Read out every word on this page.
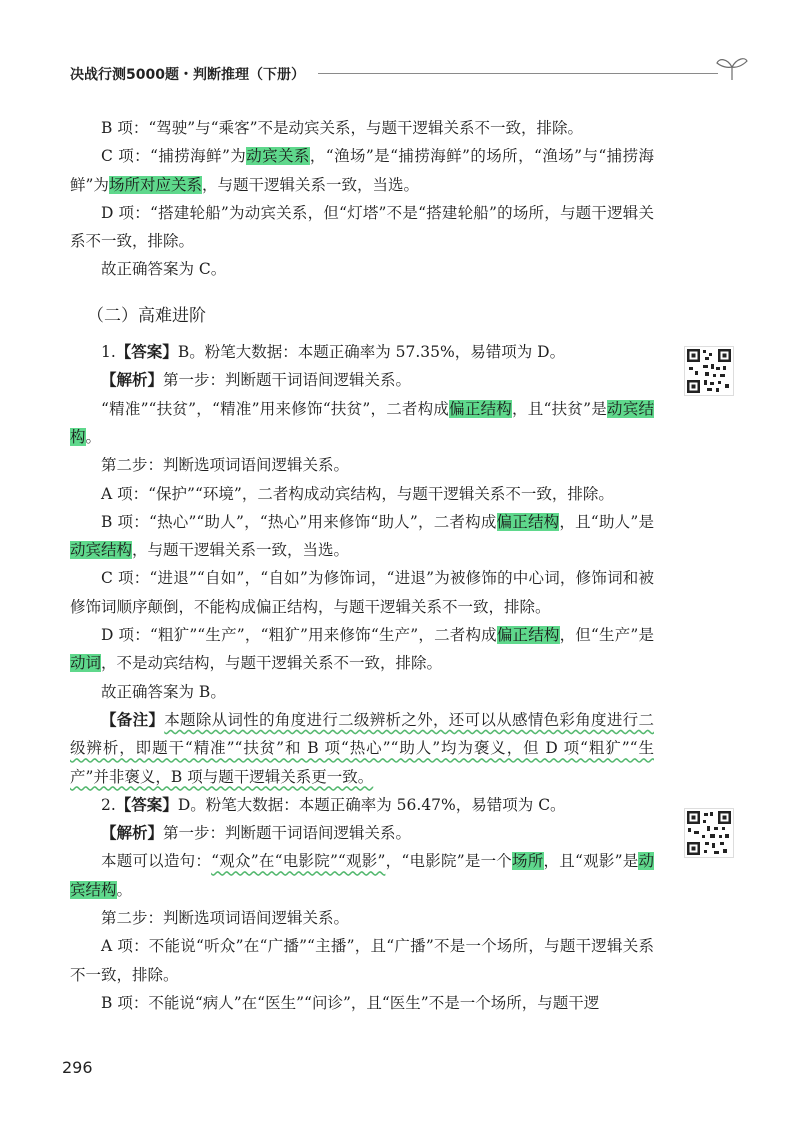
决战行测5000题・判断推理（下册）

B 项：“驾驶”与“乘客”不是动宾关系，与题干逻辑关系不一致，排除。

C 项：“捕捞海鲜”为动宾关系，“渔场”是“捕捞海鲜”的场所，“渔场”与“捕捞海鲜”为场所对应关系，与题干逻辑关系一致，当选。

D 项：“搭建轮船”为动宾关系，但“灯塔”不是“搭建轮船”的场所，与题干逻辑关系不一致，排除。

故正确答案为 C。

（二）高难进阶

1.【答案】B。粉笔大数据：本题正确率为 57.35%，易错项为 D。

【解析】第一步：判断题干词语间逻辑关系。

“精准”“扶贫”，“精准”用来修饰“扶贫”，二者构成偏正结构，且“扶贫”是动宾结构。

第二步：判断选项词语间逻辑关系。

A 项：“保护”“环境”，二者构成动宾结构，与题干逻辑关系不一致，排除。

B 项：“热心”“助人”，“热心”用来修饰“助人”，二者构成偏正结构，且“助人”是动宾结构，与题干逻辑关系一致，当选。

C 项：“进退”“自如”，“自如”为修饰词，“进退”为被修饰的中心词，修饰词和被修饰词顺序颠倒，不能构成偏正结构，与题干逻辑关系不一致，排除。

D 项：“粗犷”“生产”，“粗犷”用来修饰“生产”，二者构成偏正结构，但“生产”是动词，不是动宾结构，与题干逻辑关系不一致，排除。

故正确答案为 B。

【备注】本题除从词性的角度进行二级辨析之外，还可以从感情色彩角度进行二级辨析，即题干“精准”“扶贫”和 B 项“热心”“助人”均为褒义，但 D 项“粗犷”“生产”并非褒义，B 项与题干逻辑关系更一致。

2.【答案】D。粉笔大数据：本题正确率为 56.47%，易错项为 C。

【解析】第一步：判断题干词语间逻辑关系。

本题可以造句：“观众”在“电影院”“观影”，“电影院”是一个场所，且“观影”是动宾结构。

第二步：判断选项词语间逻辑关系。

A 项：不能说“听众”在“广播”“主播”，且“广播”不是一个场所，与题干逻辑关系不一致，排除。

B 项：不能说“病人”在“医生”“问诊”，且“医生”不是一个场所，与题干逻

296
